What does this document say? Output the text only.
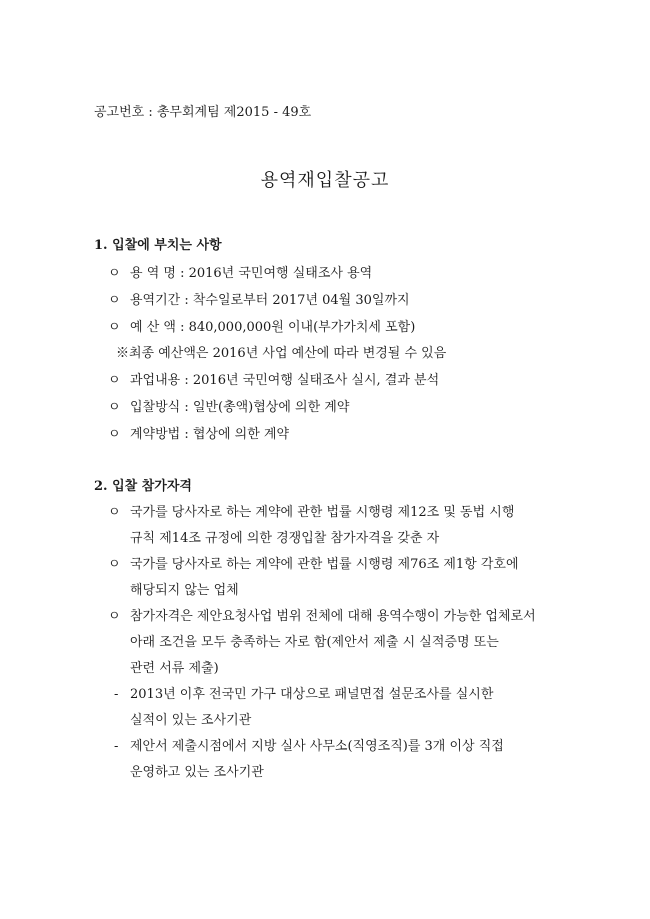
공고번호 : 총무회계팀 제2015 - 49호
용역재입찰공고
1. 입찰에 부치는 사항
ㅇ 용 역 명 : 2016년 국민여행 실태조사 용역
ㅇ 용역기간 : 착수일로부터 2017년 04월 30일까지
ㅇ 예 산 액 : 840,000,000원 이내(부가가치세 포함)
※최종 예산액은 2016년 사업 예산에 따라 변경될 수 있음
ㅇ 과업내용 : 2016년 국민여행 실태조사 실시, 결과 분석
ㅇ 입찰방식 : 일반(총액)협상에 의한 계약
ㅇ 계약방법 : 협상에 의한 계약
2. 입찰 참가자격
ㅇ 국가를 당사자로 하는 계약에 관한 법률 시행령 제12조 및 동법 시행
규칙 제14조 규정에 의한 경쟁입찰 참가자격을 갖춘 자
ㅇ 국가를 당사자로 하는 계약에 관한 법률 시행령 제76조 제1항 각호에
해당되지 않는 업체
ㅇ 참가자격은 제안요청사업 범위 전체에 대해 용역수행이 가능한 업체로서
아래 조건을 모두 충족하는 자로 함(제안서 제출 시 실적증명 또는
관련 서류 제출)
- 2013년 이후 전국민 가구 대상으로 패널면접 설문조사를 실시한
실적이 있는 조사기관
- 제안서 제출시점에서 지방 실사 사무소(직영조직)를 3개 이상 직접
운영하고 있는 조사기관
